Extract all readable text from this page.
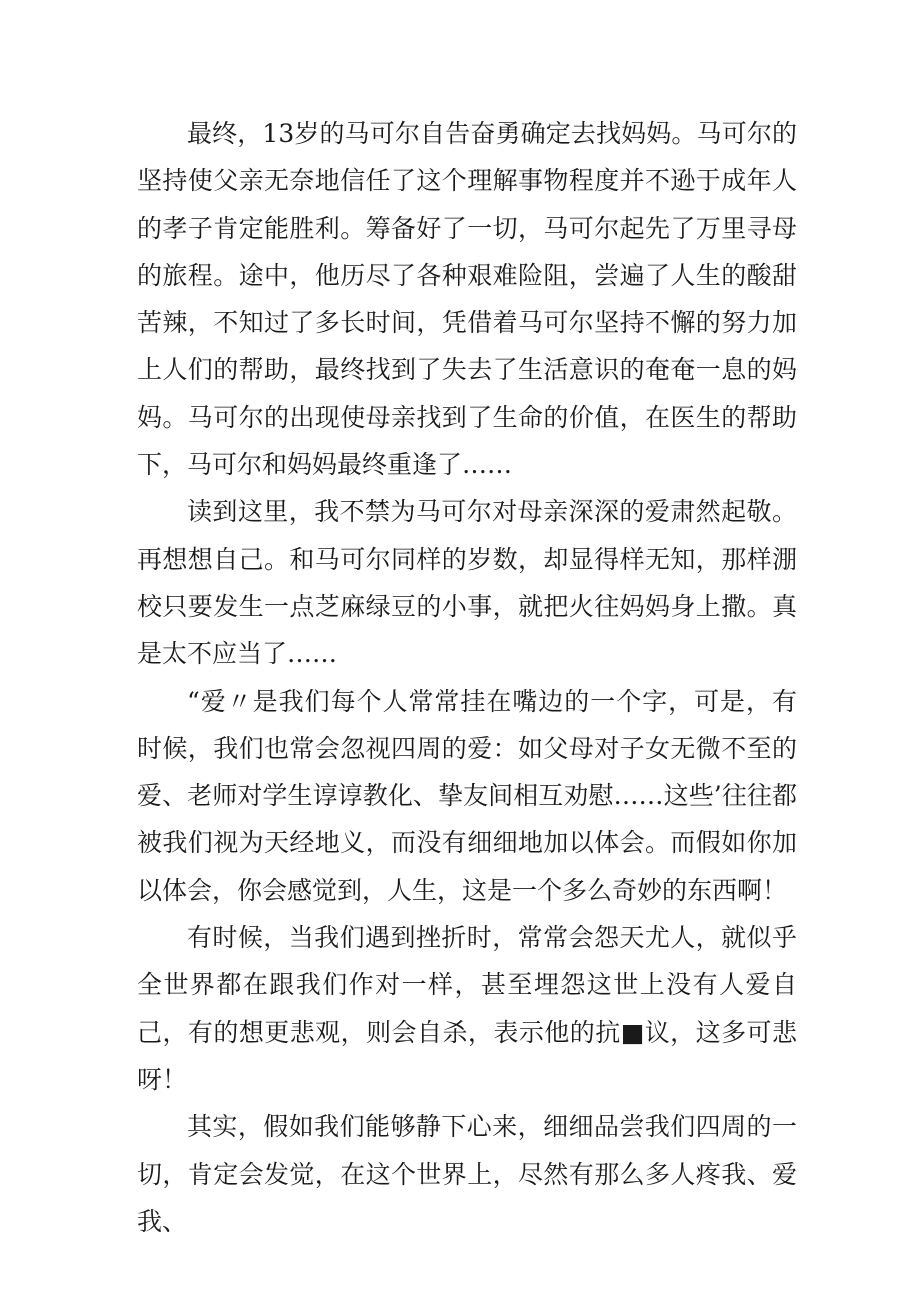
最终，13岁的马可尔自告奋勇确定去找妈妈。马可尔的坚持使父亲无奈地信任了这个理解事物程度并不逊于成年人的孝子肯定能胜利。筹备好了一切，马可尔起先了万里寻母的旅程。途中，他历尽了各种艰难险阻，尝遍了人生的酸甜苦辣，不知过了多长时间，凭借着马可尔坚持不懈的努力加上人们的帮助，最终找到了失去了生活意识的奄奄一息的妈妈。马可尔的出现使母亲找到了生命的价值，在医生的帮助下，马可尔和妈妈最终重逢了……

读到这里，我不禁为马可尔对母亲深深的爱肃然起敬。再想想自己。和马可尔同样的岁数，却显得样无知，那样淜校只要发生一点芝麻绿豆的小事，就把火往妈妈身上撒。真是太不应当了……

“爱〃是我们每个人常常挂在嘴边的一个字，可是，有时候，我们也常会忽视四周的爱：如父母对子女无微不至的爱、老师对学生谆谆教化、挚友间相互劝慰……这些’往往都被我们视为天经地义，而没有细细地加以体会。而假如你加以体会，你会感觉到，人生，这是一个多么奇妙的东西啊！

有时候，当我们遇到挫折时，常常会怨天尤人，就似乎全世界都在跟我们作对一样，甚至埋怨这世上没有人爱自己，有的想更悲观，则会自杀，表示他的抗■议，这多可悲呀！

其实，假如我们能够静下心来，细细品尝我们四周的一切，肯定会发觉，在这个世界上，尽然有那么多人疼我、爱我、
